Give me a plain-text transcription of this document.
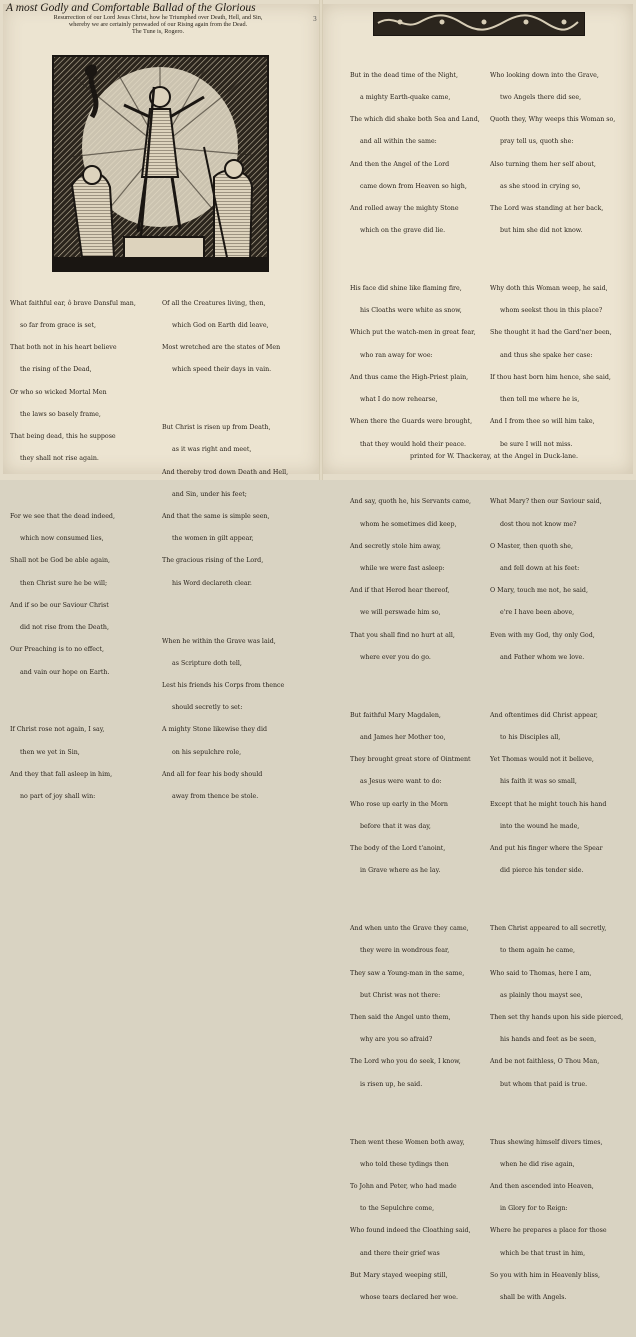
A most Godly and Comfortable Ballad of the Glorious
Resurrection of our Lord Jesus Christ, how he Triumphed over Death, Hell, and Sin,
whereby we are certainly perswaded of our Rising again from the Dead.
The Tune is, Rogero.

What faithful ear, ô brave Dansful man,

so far from grace is set,

That both not in his heart believe

the rising of the Dead,

Or who so wicked Mortal Men

the laws so basely frame,

That being dead, this he suppose

they shall not rise again.

For we see that the dead indeed,

which now consumed lies,

Shall not be God be able again,

then Christ sure he be will;

And if so be our Saviour Christ

did not rise from the Death,

Our Preaching is to no effect,

and vain our hope on Earth.

If Christ rose not again, I say,

then we yet in Sin,

And they that fall asleep in him,

no part of joy shall win:

Of all the Creatures living, then,

which God on Earth did leave,

Most wretched are the states of Men

which speed their days in vain.

But Christ is risen up from Death,

as it was right and meet,

And thereby trod down Death and Hell,

and Sin, under his feet;

And that the same is simple seen,

the women in gilt appear,

The gracious rising of the Lord,

his Word declareth clear.

When he within the Grave was laid,

as Scripture doth tell,

Lest his friends his Corps from thence

should secretly to set:

A mighty Stone likewise they did

on his sepulchre role,

And all for fear his body should

away from thence be stole.

3

But in the dead time of the Night,

a mighty Earth-quake came,

The which did shake both Sea and Land,

and all within the same:

And then the Angel of the Lord

came down from Heaven so high,

And rolled away the mighty Stone

which on the grave did lie.

His face did shine like flaming fire,

his Cloaths were white as snow,

Which put the watch-men in great fear,

who ran away for woe:

And thus came the High-Priest plain,

what I do now rehearse,

When there the Guards were brought,

that they would hold their peace.

And say, quoth he, his Servants came,

whom he sometimes did keep,

And secretly stole him away,

while we were fast asleep:

And if that Herod hear thereof,

we will perswade him so,

That you shall find no hurt at all,

where ever you do go.

But faithful Mary Magdalen,

and James her Mother too,

They brought great store of Ointment

as Jesus were want to do:

Who rose up early in the Morn

before that it was day,

The body of the Lord t'anoint,

in Grave where as he lay.

And when unto the Grave they came,

they were in wondrous fear,

They saw a Young-man in the same,

but Christ was not there:

Then said the Angel unto them,

why are you so afraid?

The Lord who you do seek, I know,

is risen up, he said.

Then went these Women both away,

who told these tydings then

To John and Peter, who had made

to the Sepulchre come,

Who found indeed the Cloathing said,

and there their grief was

But Mary stayed weeping still,

whose tears declared her woe.

Who looking down into the Grave,

two Angels there did see,

Quoth they, Why weeps this Woman so,

pray tell us, quoth she:

Also turning them her self about,

as she stood in crying so,

The Lord was standing at her back,

but him she did not know.

Why doth this Woman weep, he said,

whom seekst thou in this place?

She thought it had the Gard'ner been,

and thus she spake her case:

If thou hast born him hence, she said,

then tell me where he is,

And I from thee so will him take,

be sure I will not miss.

What Mary? then our Saviour said,

dost thou not know me?

O Master, then quoth she,

and fell down at his feet:

O Mary, touch me not, he said,

e're I have been above,

Even with my God, thy only God,

and Father whom we love.

And oftentimes did Christ appear,

to his Disciples all,

Yet Thomas would not it believe,

his faith it was so small,

Except that he might touch his hand

into the wound he made,

And put his finger where the Spear

did pierce his tender side.

Then Christ appeared to all secretly,

to them again he came,

Who said to Thomas, here I am,

as plainly thou mayst see,

Then set thy hands upon his side pierced,

his hands and feet as be seen,

And be not faithless, O Thou Man,

but whom that paid is true.

Thus shewing himself divers times,

when he did rise again,

And then ascended into Heaven,

in Glory for to Reign:

Where he prepares a place for those

which be that trust in him,

So you with him in Heavenly bliss,

shall be with Angels.

printed for W. Thackeray, at the Angel in Duck-lane.
